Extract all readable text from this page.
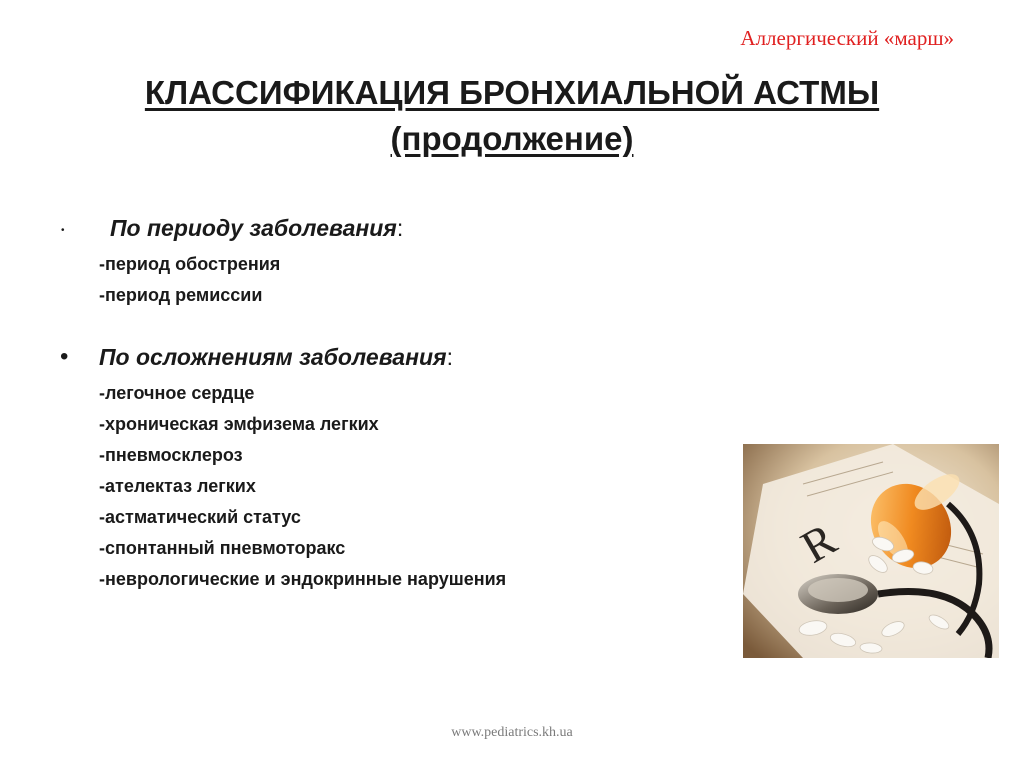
Аллергический «марш»
КЛАССИФИКАЦИЯ БРОНХИАЛЬНОЙ АСТМЫ
(продолжение)
• По периоду заболевания:
-период обострения
-период ремиссии
• По осложнениям заболевания:
-легочное сердце
-хроническая эмфизема легких
-пневмосклероз
-ателектаз легких
-астматический статус
-спонтанный пневмоторакс
-неврологические и эндокринные нарушения
R
www.pediatrics.kh.ua
